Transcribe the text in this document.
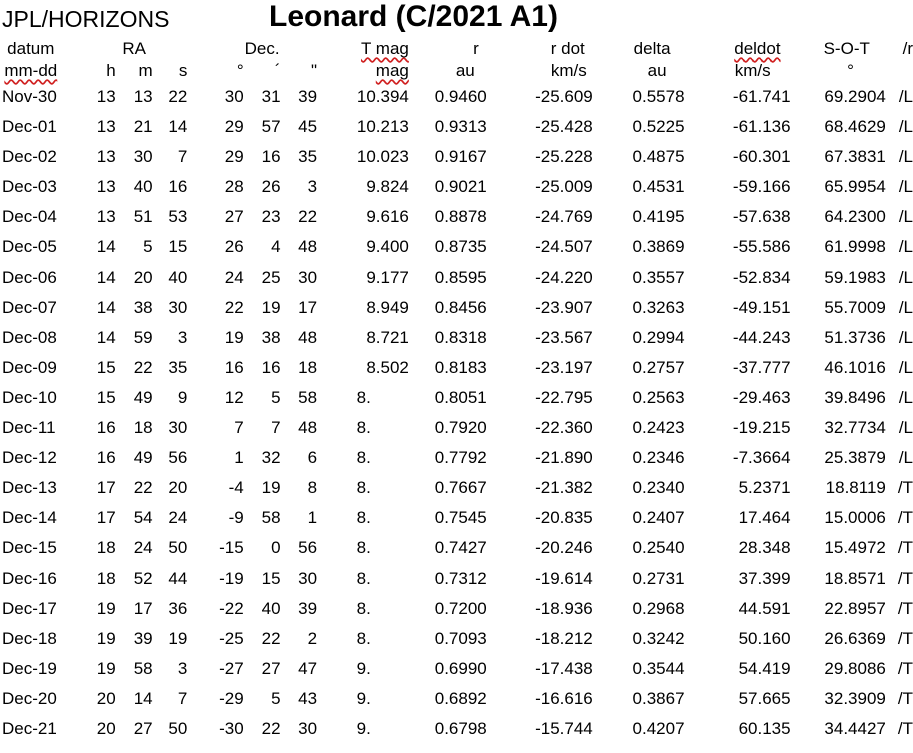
JPL/HORIZONS	Leonard (C/2021 A1)
datum		RA			Dec.		T mag	r	r dot	delta	deldot	S-O-T		/r
mm-dd	h	m	s	°	´	"	mag	au	km/s	au	km/s	°		
Nov-30	13	13	22	30	31	39	10.394	0.9460	-25.609	0.5578	-61.741	69.2904		/L
Dec-01	13	21	14	29	57	45	10.213	0.9313	-25.428	0.5225	-61.136	68.4629		/L
Dec-02	13	30	7	29	16	35	10.023	0.9167	-25.228	0.4875	-60.301	67.3831		/L
Dec-03	13	40	16	28	26	3	9.824	0.9021	-25.009	0.4531	-59.166	65.9954		/L
Dec-04	13	51	53	27	23	22	9.616	0.8878	-24.769	0.4195	-57.638	64.2300		/L
Dec-05	14	5	15	26	4	48	9.400	0.8735	-24.507	0.3869	-55.586	61.9998		/L
Dec-06	14	20	40	24	25	30	9.177	0.8595	-24.220	0.3557	-52.834	59.1983		/L
Dec-07	14	38	30	22	19	17	8.949	0.8456	-23.907	0.3263	-49.151	55.7009		/L
Dec-08	14	59	3	19	38	48	8.721	0.8318	-23.567	0.2994	-44.243	51.3736		/L
Dec-09	15	22	35	16	16	18	8.502	0.8183	-23.197	0.2757	-37.777	46.1016		/L
Dec-10	15	49	9	12	5	58	8.	0.8051	-22.795	0.2563	-29.463	39.8496		/L
Dec-11	16	18	30	7	7	48	8.	0.7920	-22.360	0.2423	-19.215	32.7734		/L
Dec-12	16	49	56	1	32	6	8.	0.7792	-21.890	0.2346	-7.3664	25.3879		/L
Dec-13	17	22	20	-4	19	8	8.	0.7667	-21.382	0.2340	5.2371	18.8119		/T
Dec-14	17	54	24	-9	58	1	8.	0.7545	-20.835	0.2407	17.464	15.0006		/T
Dec-15	18	24	50	-15	0	56	8.	0.7427	-20.246	0.2540	28.348	15.4972		/T
Dec-16	18	52	44	-19	15	30	8.	0.7312	-19.614	0.2731	37.399	18.8571		/T
Dec-17	19	17	36	-22	40	39	8.	0.7200	-18.936	0.2968	44.591	22.8957		/T
Dec-18	19	39	19	-25	22	2	8.	0.7093	-18.212	0.3242	50.160	26.6369		/T
Dec-19	19	58	3	-27	27	47	9.	0.6990	-17.438	0.3544	54.419	29.8086		/T
Dec-20	20	14	7	-29	5	43	9.	0.6892	-16.616	0.3867	57.665	32.3909		/T
Dec-21	20	27	50	-30	22	30	9.	0.6798	-15.744	0.4207	60.135	34.4427		/T
